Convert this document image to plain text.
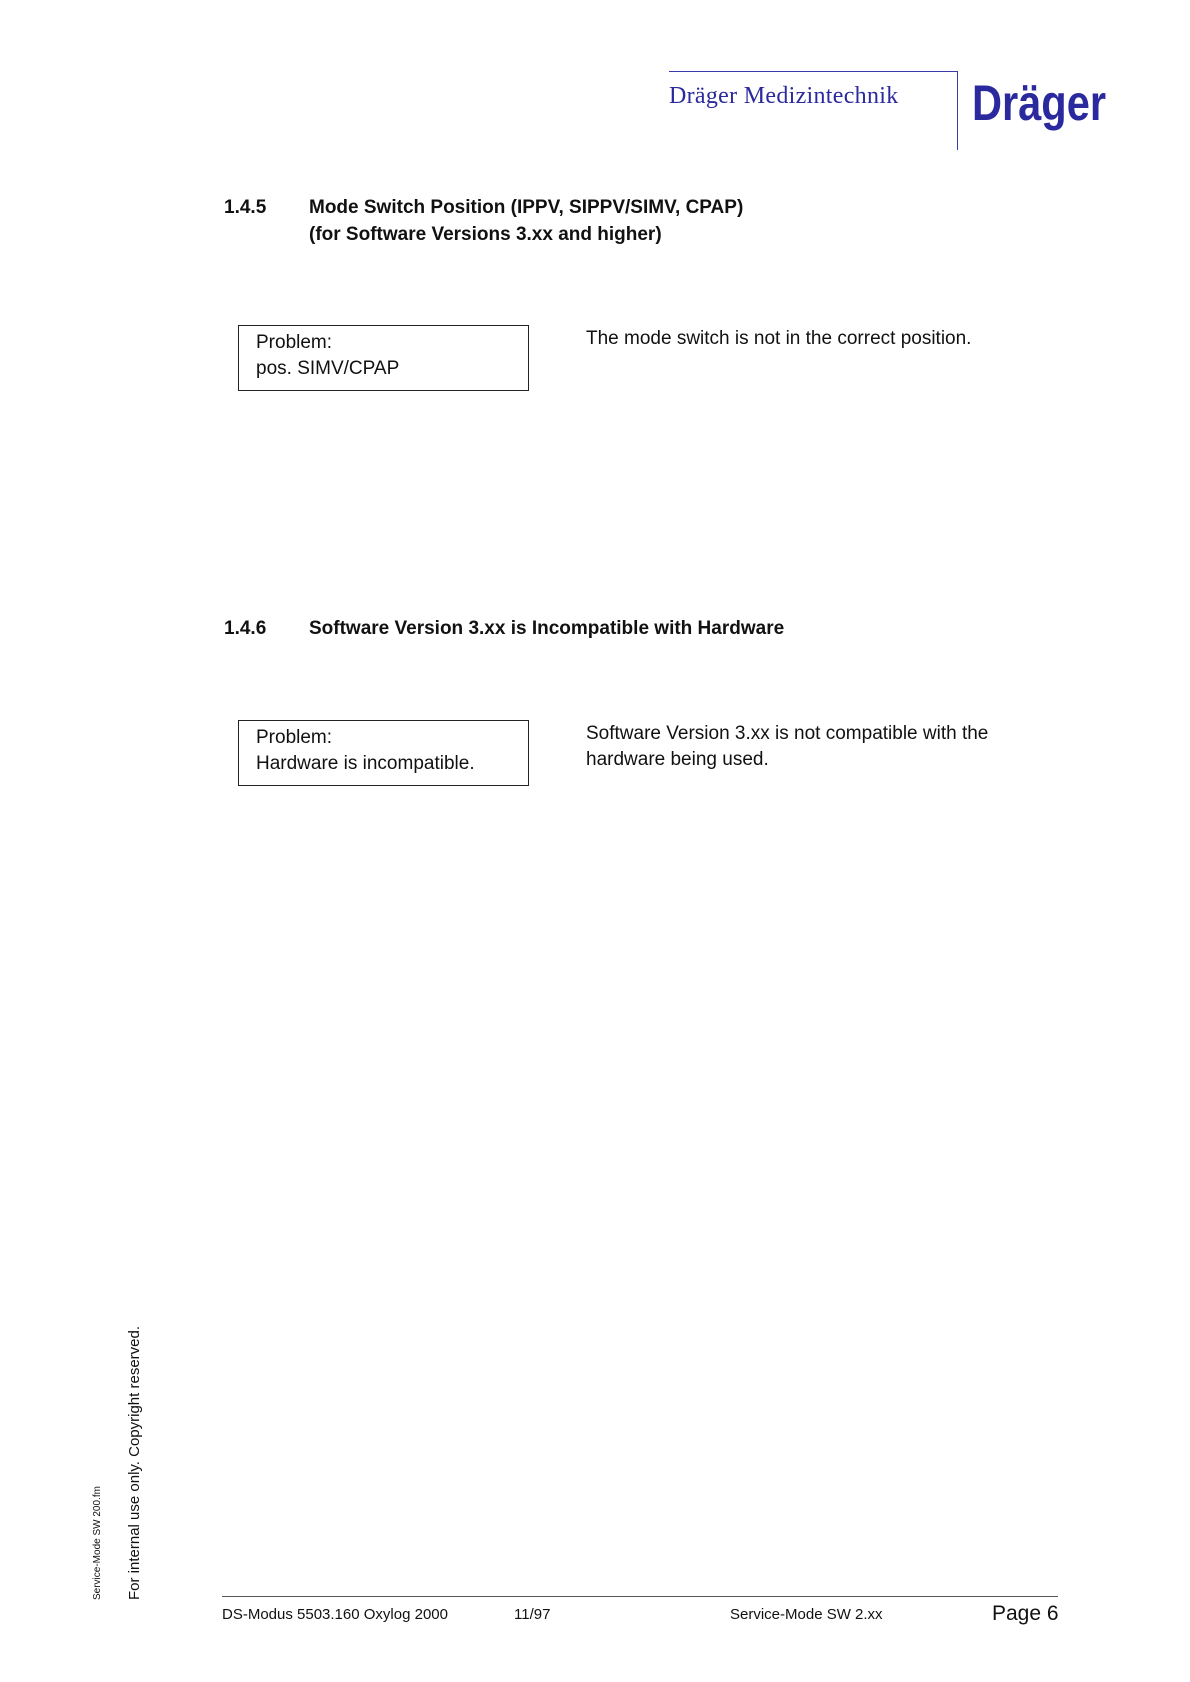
Dräger Medizintechnik Dräger
1.4.5 Mode Switch Position (IPPV, SIPPV/SIMV, CPAP)
(for Software Versions 3.xx and higher)
Problem:
pos. SIMV/CPAP
The mode switch is not in the correct position.
1.4.6 Software Version 3.xx is Incompatible with Hardware
Problem:
Hardware is incompatible.
Software Version 3.xx is not compatible with the
hardware being used.
Service-Mode SW 200.fm For internal use only. Copyright reserved.
DS-Modus 5503.160 Oxylog 2000	11/97	Service-Mode SW 2.xx	Page 6
